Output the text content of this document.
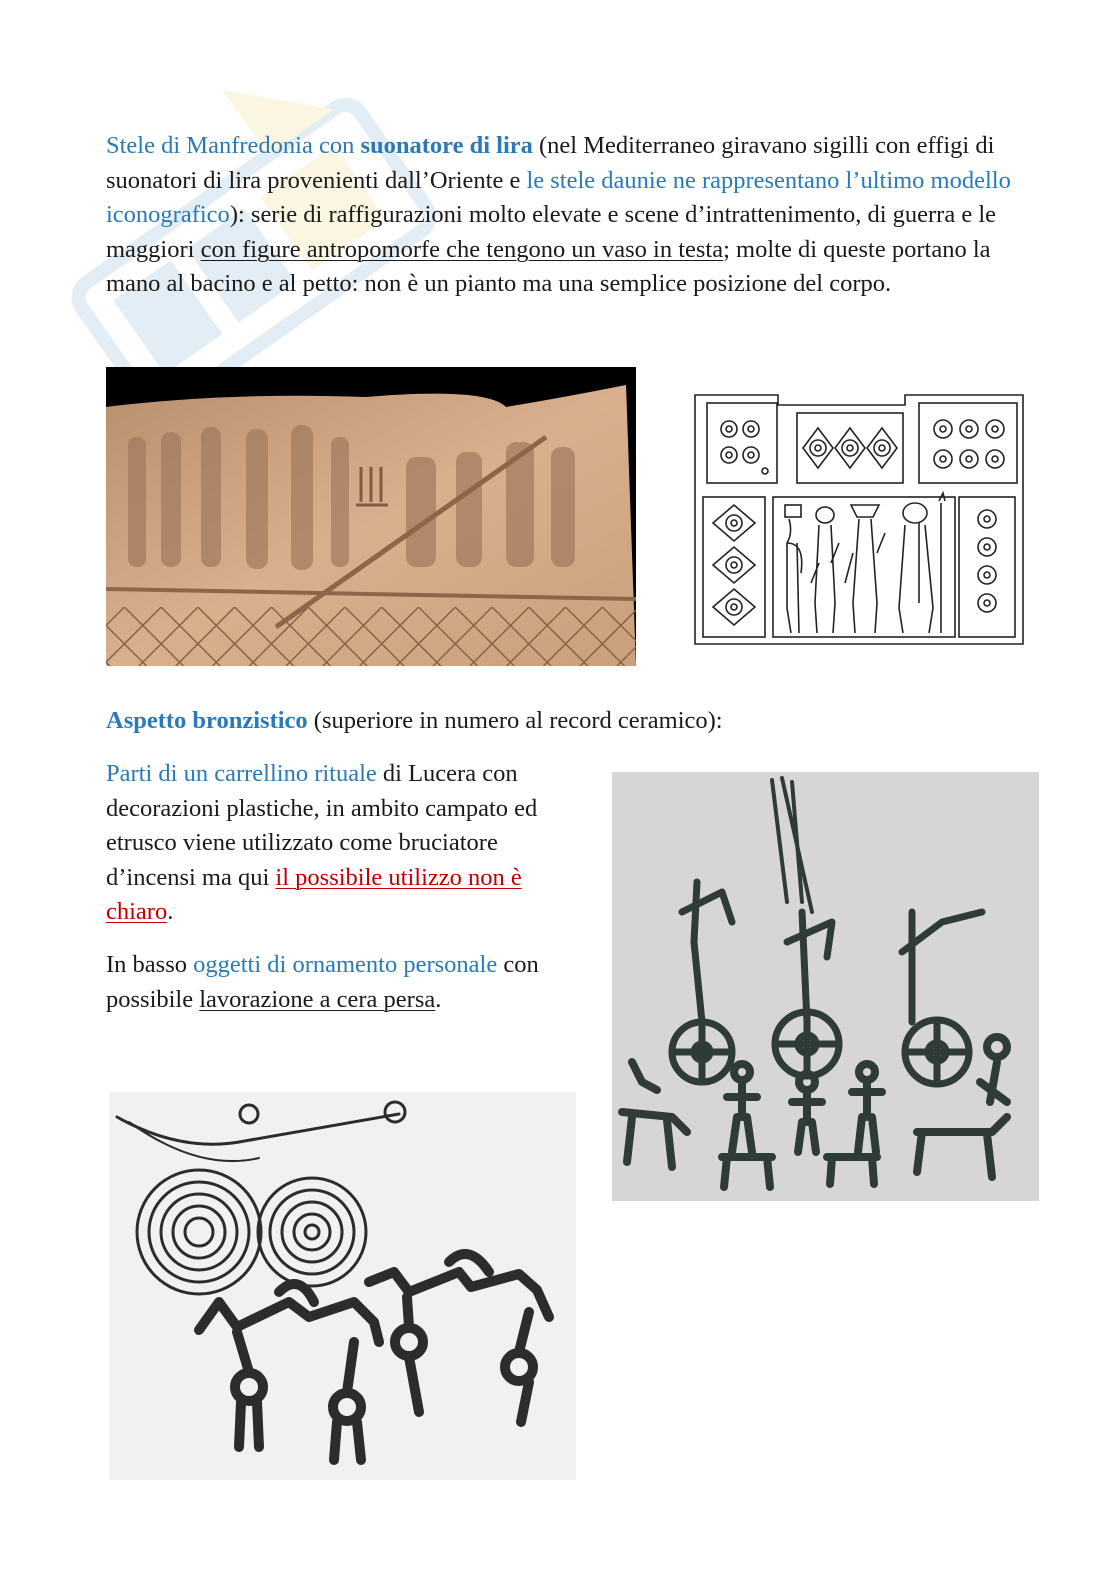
Stele di Manfredonia con suonatore di lira (nel Mediterraneo giravano sigilli con effigi di suonatori di lira provenienti dall’Oriente e le stele daunie ne rappresentano l’ultimo modello iconografico): serie di raffigurazioni molto elevate e scene d’intrattenimento, di guerra e le maggiori con figure antropomorfe che tengono un vaso in testa; molte di queste portano la mano al bacino e al petto: non è un pianto ma una semplice posizione del corpo.

Aspetto bronzistico (superiore in numero al record ceramico):

Parti di un carrellino rituale di Lucera con decorazioni plastiche, in ambito campato ed etrusco viene utilizzato come bruciatore d’incensi ma qui il possibile utilizzo non è chiaro.

In basso oggetti di ornamento personale con possibile lavorazione a cera persa.
